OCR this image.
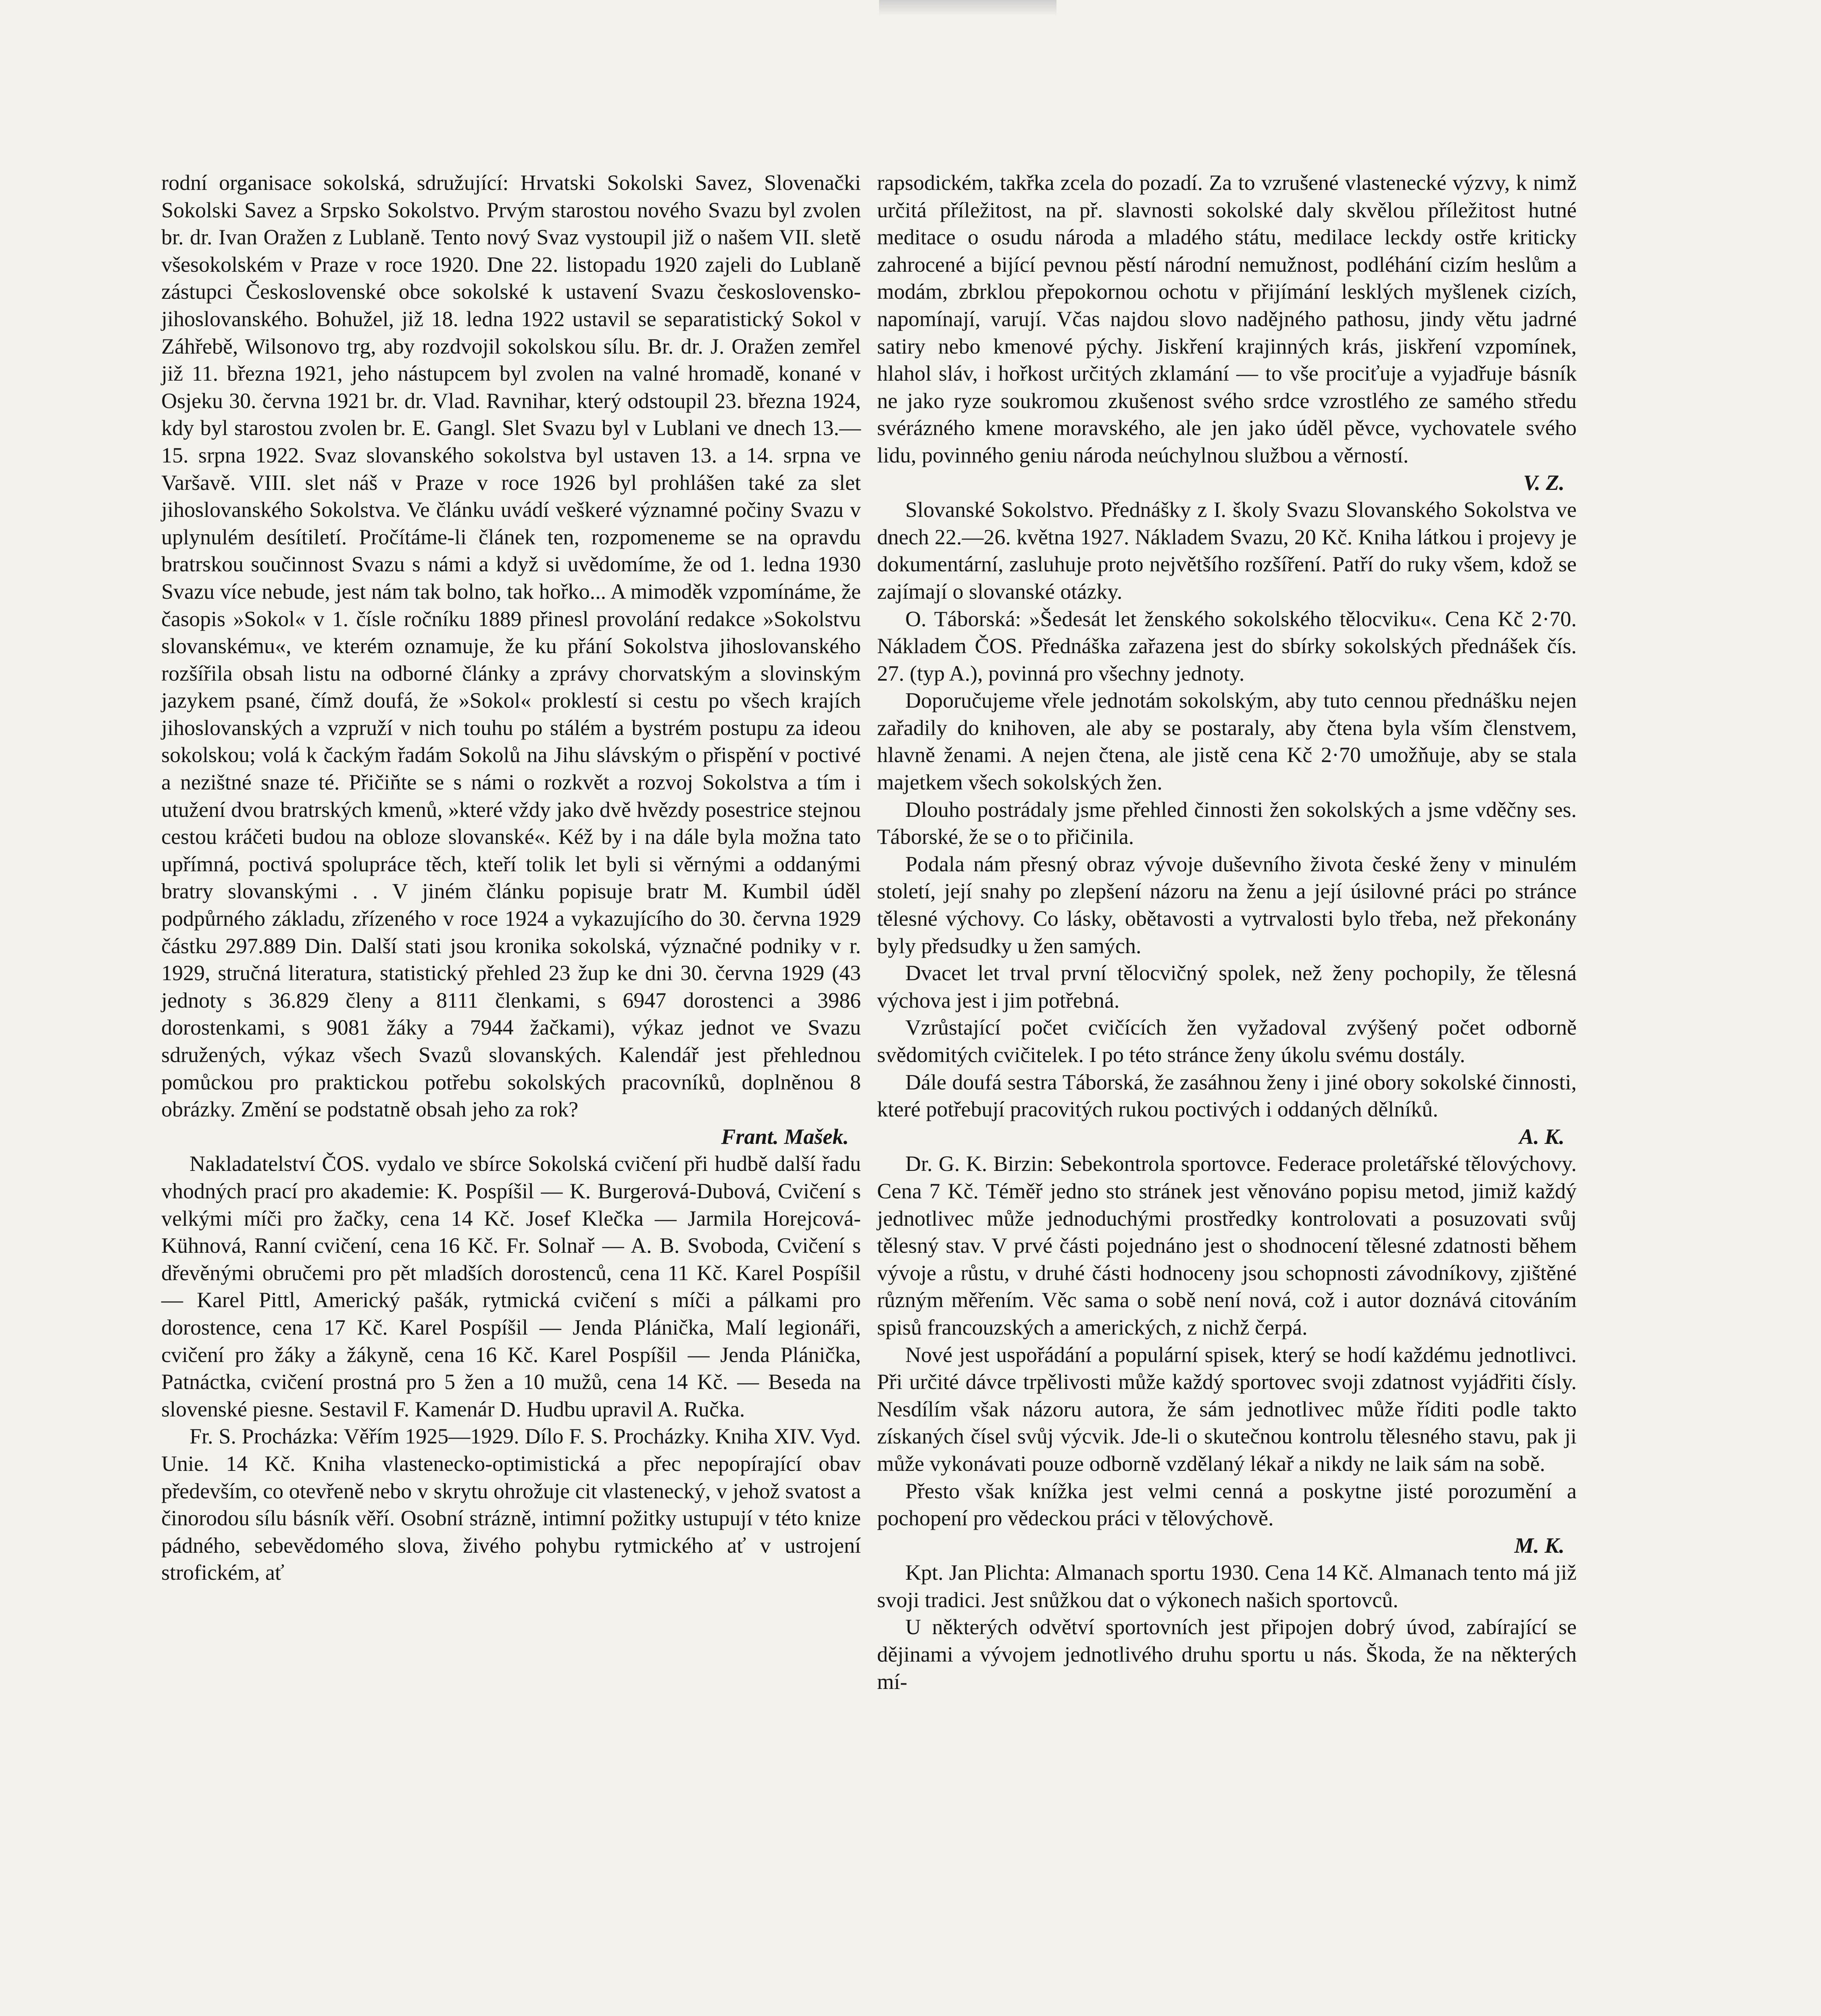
rodní organisace sokolská, sdružující: Hrvatski Sokolski Savez, Slovenački Sokolski Savez a Srpsko Sokolstvo. Prvým starostou nového Svazu byl zvolen br. dr. Ivan Oražen z Lublaně. Tento nový Svaz vystoupil již o našem VII. sletě všesokolském v Praze v roce 1920. Dne 22. listopadu 1920 zajeli do Lublaně zástupci Československé obce sokolské k ustavení Svazu československo-jihoslovanského. Bohužel, již 18. ledna 1922 ustavil se separatistický Sokol v Záhřebě, Wilsonovo trg, aby rozdvojil sokolskou sílu. Br. dr. J. Oražen zemřel již 11. března 1921, jeho nástupcem byl zvolen na valné hromadě, konané v Osjeku 30. června 1921 br. dr. Vlad. Ravnihar, který odstoupil 23. března 1924, kdy byl starostou zvolen br. E. Gangl. Slet Svazu byl v Lublani ve dnech 13.—15. srpna 1922. Svaz slovanského sokolstva byl ustaven 13. a 14. srpna ve Varšavě. VIII. slet náš v Praze v roce 1926 byl prohlášen také za slet jihoslovanského Sokolstva. Ve článku uvádí veškeré významné počiny Svazu v uplynulém desítiletí. Pročítáme-li článek ten, rozpomeneme se na opravdu bratrskou součinnost Svazu s námi a když si uvědomíme, že od 1. ledna 1930 Svazu více nebude, jest nám tak bolno, tak hořko... A mimoděk vzpomínáme, že časopis »Sokol« v 1. čísle ročníku 1889 přinesl provolání redakce »Sokolstvu slovanskému«, ve kterém oznamuje, že ku přání Sokolstva jihoslovanského rozšířila obsah listu na odborné články a zprávy chorvatským a slovinským jazykem psané, čímž doufá, že »Sokol« proklestí si cestu po všech krajích jihoslovanských a vzpruží v nich touhu po stálém a bystrém postupu za ideou sokolskou; volá k čackým řadám Sokolů na Jihu slávským o přispění v poctivé a nezištné snaze té. Přičiňte se s námi o rozkvět a rozvoj Sokolstva a tím i utužení dvou bratrských kmenů, »které vždy jako dvě hvězdy posestrice stejnou cestou kráčeti budou na obloze slovanské«. Kéž by i na dále byla možna tato upřímná, poctivá spolupráce těch, kteří tolik let byli si věrnými a oddanými bratry slovanskými . . V jiném článku popisuje bratr M. Kumbil úděl podpůrného základu, zřízeného v roce 1924 a vykazujícího do 30. června 1929 částku 297.889 Din. Další stati jsou kronika sokolská, význačné podniky v r. 1929, stručná literatura, statistický přehled 23 žup ke dni 30. června 1929 (43 jednoty s 36.829 členy a 8111 členkami, s 6947 dorostenci a 3986 dorostenkami, s 9081 žáky a 7944 žačkami), výkaz jednot ve Svazu sdružených, výkaz všech Svazů slovanských. Kalendář jest přehlednou pomůckou pro praktickou potřebu sokolských pracovníků, doplněnou 8 obrázky. Změní se podstatně obsah jeho za rok?

Frant. Mašek.

Nakladatelství ČOS. vydalo ve sbírce Sokolská cvičení při hudbě další řadu vhodných prací pro akademie: K. Pospíšil — K. Burgerová-Dubová, Cvičení s velkými míči pro žačky, cena 14 Kč. Josef Klečka — Jarmila Horejcová-Kühnová, Ranní cvičení, cena 16 Kč. Fr. Solnař — A. B. Svoboda, Cvičení s dřevěnými obručemi pro pět mladších dorostenců, cena 11 Kč. Karel Pospíšil — Karel Pittl, Americký pašák, rytmická cvičení s míči a pálkami pro dorostence, cena 17 Kč. Karel Pospíšil — Jenda Plánička, Malí legionáři, cvičení pro žáky a žákyně, cena 16 Kč. Karel Pospíšil — Jenda Plánička, Patnáctka, cvičení prostná pro 5 žen a 10 mužů, cena 14 Kč. — Beseda na slovenské piesne. Sestavil F. Kamenár D. Hudbu upravil A. Ručka.

Fr. S. Procházka: Věřím 1925—1929. Dílo F. S. Procházky. Kniha XIV. Vyd. Unie. 14 Kč. Kniha vlastenecko-optimistická a přec nepopírající obav především, co otevřeně nebo v skrytu ohrožuje cit vlastenecký, v jehož svatost a činorodou sílu básník věří. Osobní strázně, intimní požitky ustupují v této knize pádného, sebevědomého slova, živého pohybu rytmického ať v ustrojení strofickém, ať

rapsodickém, takřka zcela do pozadí. Za to vzrušené vlastenecké výzvy, k nimž určitá příležitost, na př. slavnosti sokolské daly skvělou příležitost hutné meditace o osudu národa a mladého státu, medilace leckdy ostře kriticky zahrocené a bijící pevnou pěstí národní nemužnost, podléhání cizím heslům a modám, zbrklou přepokornou ochotu v přijímání lesklých myšlenek cizích, napomínají, varují. Včas najdou slovo nadějného pathosu, jindy větu jadrné satiry nebo kmenové pýchy. Jiskření krajinných krás, jiskření vzpomínek, hlahol sláv, i hořkost určitých zklamání — to vše prociťuje a vyjadřuje básník ne jako ryze soukromou zkušenost svého srdce vzrostlého ze samého středu svérázného kmene moravského, ale jen jako úděl pěvce, vychovatele svého lidu, povinného geniu národa neúchylnou službou a věrností.

V. Z.

Slovanské Sokolstvo. Přednášky z I. školy Svazu Slovanského Sokolstva ve dnech 22.—26. května 1927. Nákladem Svazu, 20 Kč. Kniha látkou i projevy je dokumentární, zasluhuje proto největšího rozšíření. Patří do ruky všem, kdož se zajímají o slovanské otázky.

O. Táborská: »Šedesát let ženského sokolského tělocviku«. Cena Kč 2·70. Nákladem ČOS. Přednáška zařazena jest do sbírky sokolských přednášek čís. 27. (typ A.), povinná pro všechny jednoty.

Doporučujeme vřele jednotám sokolským, aby tuto cennou přednášku nejen zařadily do knihoven, ale aby se postaraly, aby čtena byla vším členstvem, hlavně ženami. A nejen čtena, ale jistě cena Kč 2·70 umožňuje, aby se stala majetkem všech sokolských žen.

Dlouho postrádaly jsme přehled činnosti žen sokolských a jsme vděčny ses. Táborské, že se o to přičinila.

Podala nám přesný obraz vývoje duševního života české ženy v minulém století, její snahy po zlepšení názoru na ženu a její úsilovné práci po stránce tělesné výchovy. Co lásky, obětavosti a vytrvalosti bylo třeba, než překonány byly předsudky u žen samých.

Dvacet let trval první tělocvičný spolek, než ženy pochopily, že tělesná výchova jest i jim potřebná.

Vzrůstající počet cvičících žen vyžadoval zvýšený počet odborně svědomitých cvičitelek. I po této stránce ženy úkolu svému dostály.

Dále doufá sestra Táborská, že zasáhnou ženy i jiné obory sokolské činnosti, které potřebují pracovitých rukou poctivých i oddaných dělníků.

A. K.

Dr. G. K. Birzin: Sebekontrola sportovce. Federace proletářské tělovýchovy. Cena 7 Kč. Téměř jedno sto stránek jest věnováno popisu metod, jimiž každý jednotlivec může jednoduchými prostředky kontrolovati a posuzovati svůj tělesný stav. V prvé části pojednáno jest o shodnocení tělesné zdatnosti během vývoje a růstu, v druhé části hodnoceny jsou schopnosti závodníkovy, zjištěné různým měřením. Věc sama o sobě není nová, což i autor doznává citováním spisů francouzských a amerických, z nichž čerpá.

Nové jest uspořádání a populární spisek, který se hodí každému jednotlivci. Při určité dávce trpělivosti může každý sportovec svoji zdatnost vyjádřiti čísly. Nesdílím však názoru autora, že sám jednotlivec může říditi podle takto získaných čísel svůj výcvik. Jde-li o skutečnou kontrolu tělesného stavu, pak ji může vykonávati pouze odborně vzdělaný lékař a nikdy ne laik sám na sobě.

Přesto však knížka jest velmi cenná a poskytne jisté porozumění a pochopení pro vědeckou práci v tělovýchově.

M. K.

Kpt. Jan Plichta: Almanach sportu 1930. Cena 14 Kč. Almanach tento má již svoji tradici. Jest snůžkou dat o výkonech našich sportovců.

U některých odvětví sportovních jest připojen dobrý úvod, zabírající se dějinami a vývojem jednotlivého druhu sportu u nás. Škoda, že na některých mí-
